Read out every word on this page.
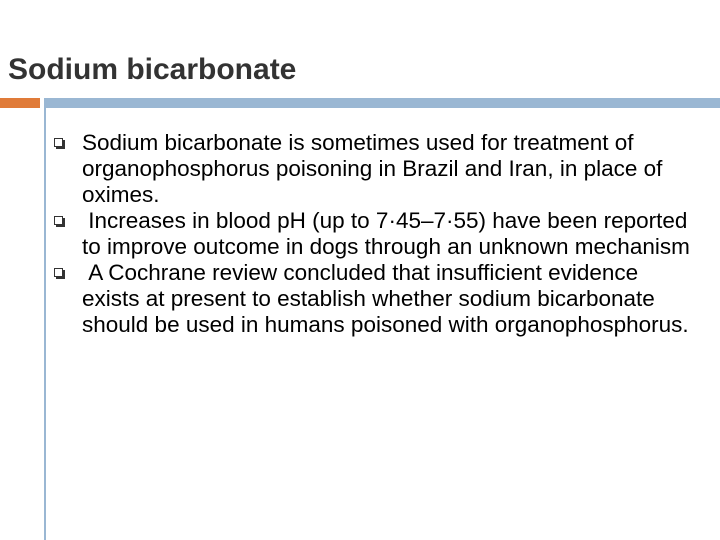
Sodium bicarbonate
Sodium bicarbonate is sometimes used for treatment of organophosphorus poisoning in Brazil and Iran, in place of oximes.
Increases in blood pH (up to 7·45–7·55) have been reported to improve outcome in dogs through an unknown mechanism
A Cochrane review concluded that insufficient evidence exists at present to establish whether sodium bicarbonate should be used in humans poisoned with organophosphorus.
